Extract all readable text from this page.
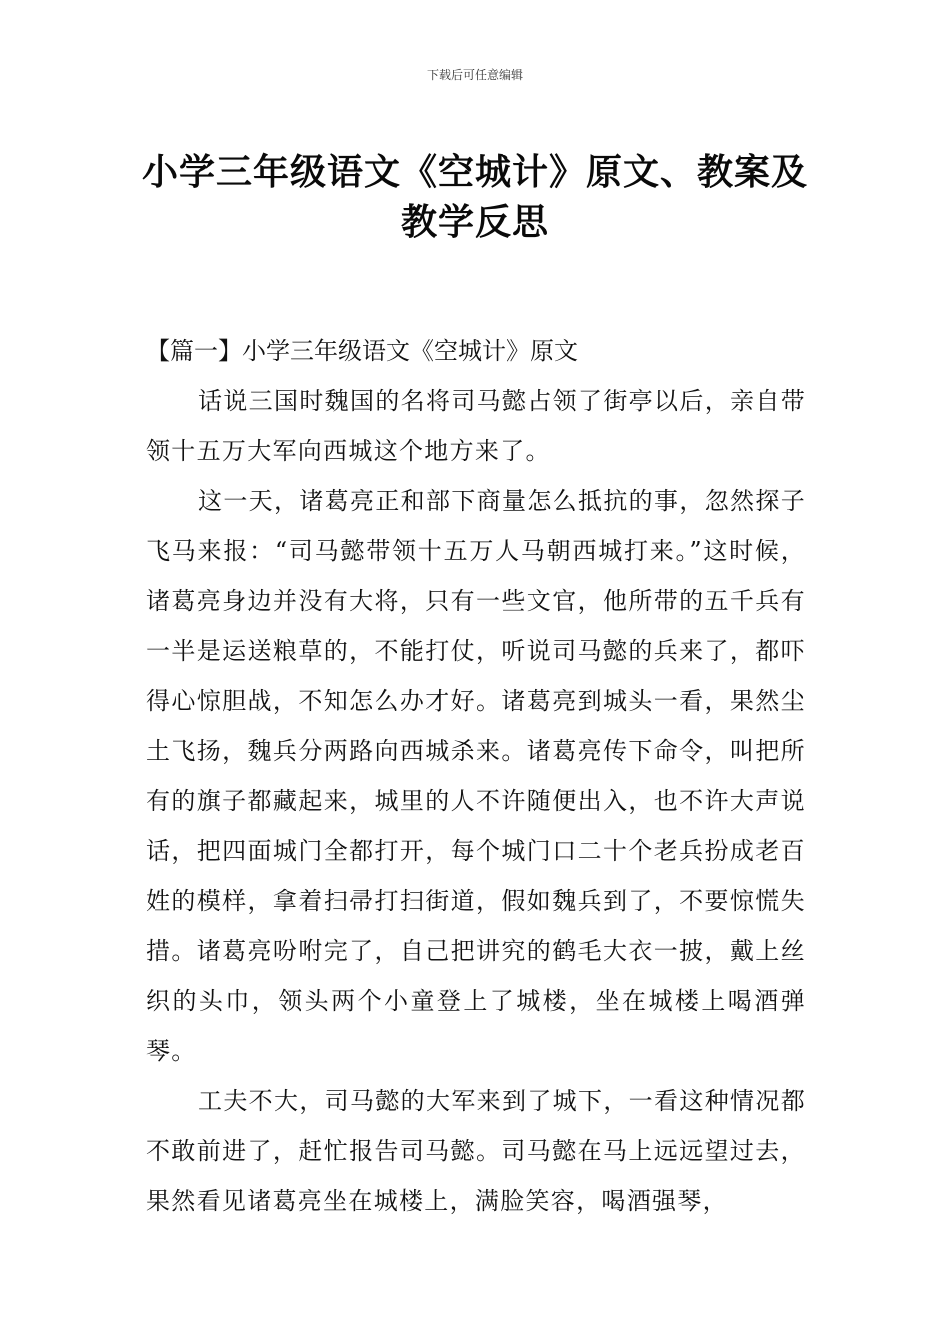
下载后可任意编辑
小学三年级语文《空城计》原文、教案及
教学反思
【篇一】小学三年级语文《空城计》原文

话说三国时魏国的名将司马懿占领了街亭以后，亲自带领十五万大军向西城这个地方来了。

这一天，诸葛亮正和部下商量怎么抵抗的事，忽然探子飞马来报：“司马懿带领十五万人马朝西城打来。”这时候，诸葛亮身边并没有大将，只有一些文官，他所带的五千兵有一半是运送粮草的，不能打仗，听说司马懿的兵来了，都吓得心惊胆战，不知怎么办才好。诸葛亮到城头一看，果然尘土飞扬，魏兵分两路向西城杀来。诸葛亮传下命令，叫把所有的旗子都藏起来，城里的人不许随便出入，也不许大声说话，把四面城门全都打开，每个城门口二十个老兵扮成老百姓的模样，拿着扫帚打扫街道，假如魏兵到了，不要惊慌失措。诸葛亮吩咐完了，自己把讲究的鹤毛大衣一披，戴上丝织的头巾，领头两个小童登上了城楼，坐在城楼上喝酒弹琴。

工夫不大，司马懿的大军来到了城下，一看这种情况都不敢前进了，赶忙报告司马懿。司马懿在马上远远望过去，果然看见诸葛亮坐在城楼上，满脸笑容，喝酒强琴，
